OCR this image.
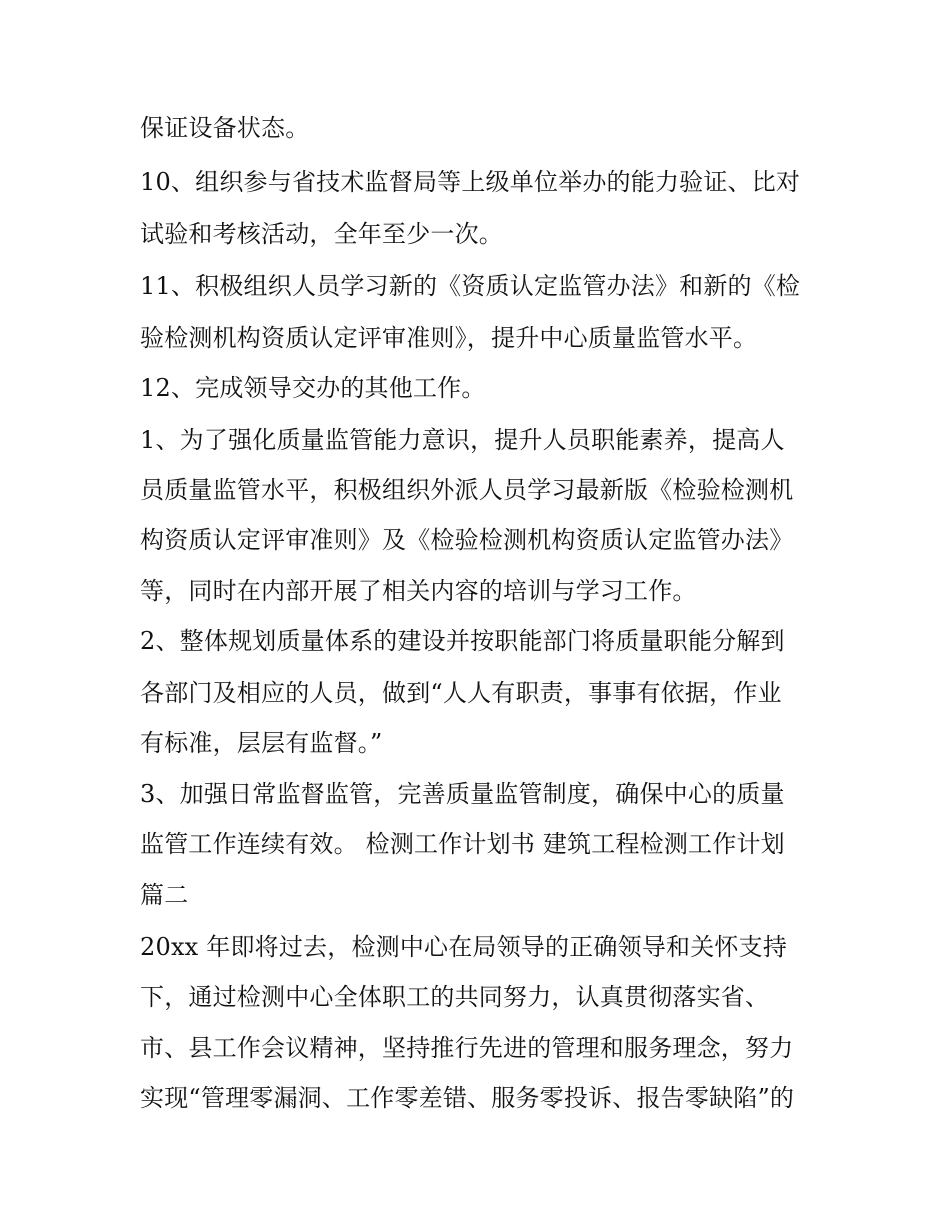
保证设备状态。
10、组织参与省技术监督局等上级单位举办的能力验证、比对
试验和考核活动，全年至少一次。
11、积极组织人员学习新的《资质认定监管办法》和新的《检
验检测机构资质认定评审准则》，提升中心质量监管水平。
12、完成领导交办的其他工作。
1、为了强化质量监管能力意识，提升人员职能素养，提高人
员质量监管水平，积极组织外派人员学习最新版《检验检测机
构资质认定评审准则》及《检验检测机构资质认定监管办法》
等，同时在内部开展了相关内容的培训与学习工作。
2、整体规划质量体系的建设并按职能部门将质量职能分解到
各部门及相应的人员，做到“人人有职责，事事有依据，作业
有标准，层层有监督。”
3、加强日常监督监管，完善质量监管制度，确保中心的质量
监管工作连续有效。 检测工作计划书 建筑工程检测工作计划
篇二
20xx 年即将过去，检测中心在局领导的正确领导和关怀支持
下，通过检测中心全体职工的共同努力，认真贯彻落实省、
市、县工作会议精神，坚持推行先进的管理和服务理念，努力
实现“管理零漏洞、工作零差错、服务零投诉、报告零缺陷”的
